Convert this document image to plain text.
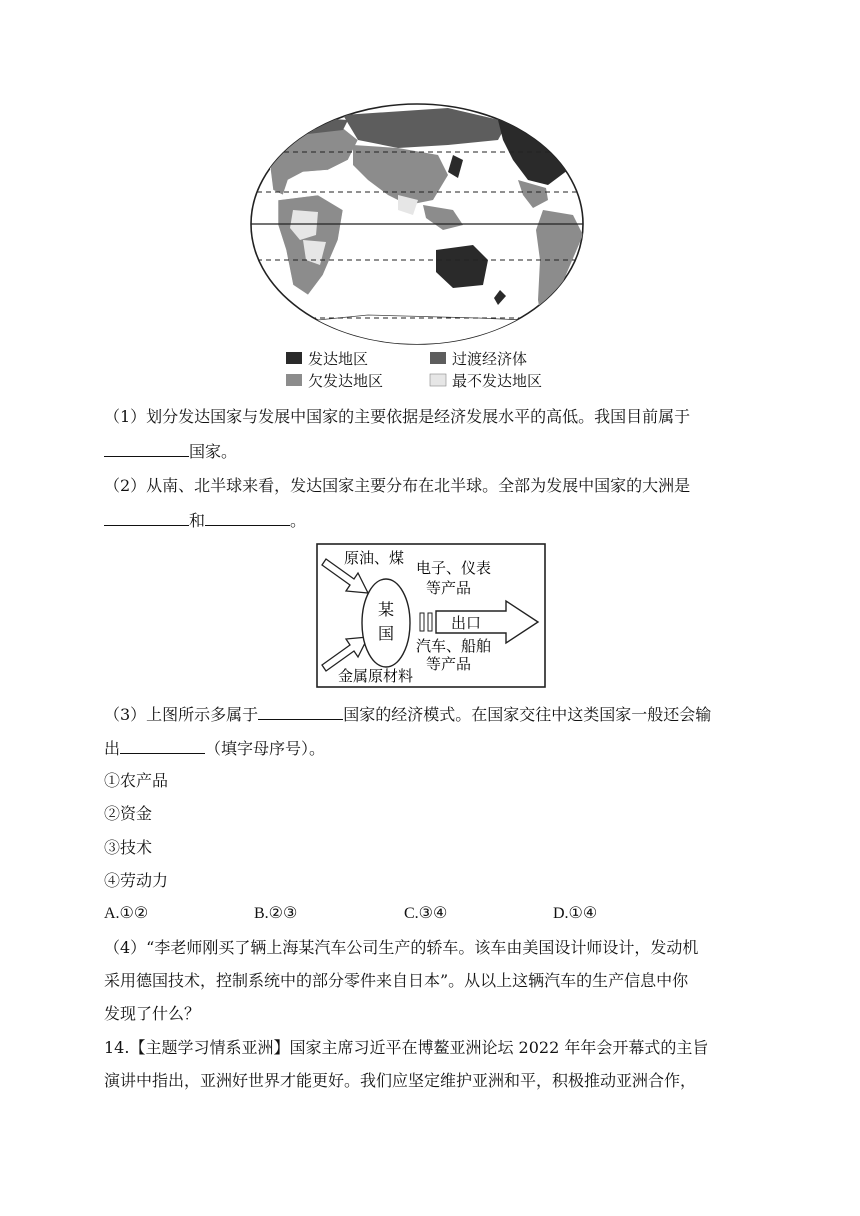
发达地区	过渡经济体
欠发达地区	最不发达地区
（1）划分发达国家与发展中国家的主要依据是经济发展水平的高低。我国目前属于
国家。
（2）从南、北半球来看，发达国家主要分布在北半球。全部为发展中国家的大洲是
和	。
某
国
出口
原油、煤
金属原材料
电子、仪表
等产品
汽车、船舶
等产品
（3）上图所示多属于	国家的经济模式。在国家交往中这类国家一般还会输
出	（填字母序号）。
①农产品
②资金
③技术
④劳动力
A.①②	B.②③	C.③④	D.①④
（4）“李老师刚买了辆上海某汽车公司生产的轿车。该车由美国设计师设计，发动机
采用德国技术，控制系统中的部分零件来自日本”。从以上这辆汽车的生产信息中你
发现了什么？
14.【主题学习情系亚洲】国家主席习近平在博鳌亚洲论坛 2022 年年会开幕式的主旨
演讲中指出，亚洲好世界才能更好。我们应坚定维护亚洲和平，积极推动亚洲合作，
